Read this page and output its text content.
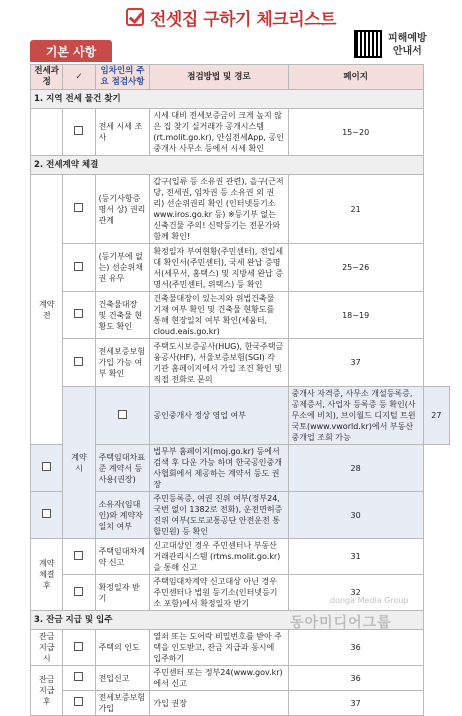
전셋집 구하기 체크리스트
기본 사항
피해예방
안내서
전세과정	✓	임차인의 주요 점검사항	점검방법 및 경로	페이지	
1. 지역 전세 물건 찾기					
		전세 시세 조사	시세 대비 전세보증금이 크게 높지 않은 집 찾기 실거래가 공개시스템(rt.molit.go.kr), 안심전세App, 공인중개사 사무소 등에서 시세 확인	15~20	
2. 전세계약 체결					
계약 전		(등기사항증명서 상) 권리관계	갑구(입류 등 소유권 관련), 을구(근저당, 전세권, 임차권 등 소유권 외 권리) 선순위권리 확인 (인터넷등기소 www.iros.go.kr 등) ※등기부 없는 신축건물 주의! 신탁등기는 전문가와 함께 확인!	21	
		(등기부에 없는) 선순위채권 유무	확정일자 부여현황(주민센터), 전입세대 확인서(주민센터), 국세 완납 증명서(세무서, 홈택스) 및 지방세 완납 증명서(주민센터, 위택스) 등 확인	25~26	
		건축물대장 및 건축물 현황도 확인	건축물대장이 있는지와 위법건축물 기재 여부 확인 및 건축물 현황도를 통해 현장일치 여부 확인(세움터, cloud.eais.go.kr)	18~19	
		전세보증보험 가입 가능 여부 확인	주택도시보증공사(HUG), 한국주택금융공사(HF), 서울보증보험(SGI) 각 기관 홈페이지에서 가입 조건 확인 및 직접 전화로 문의	37	
	계약 시		공인중개사 정상 영업 여부	중개사 자격증, 사무소 개설등록증, 공제증서, 사업자 등록증 등 확인(사무소에 비치), 브이월드 디지털 트윈 국토(www.vworld.kr)에서 부동산중개업 조회 가능	27
		주택임대차표준 계약서 등 사용(권장)	법무부 홈페이지(moj.go.kr) 등에서 검색 후 다운 가능 하며 한국공인중개사협회에서 제공하는 계약서 등도 권장	28	
		소유자(임대인)와 계약자 일치 여부	주민등록증, 여권 진위 여부(정부24, 국번 없이 1382로 전화), 운전면허증 진위 여부(도로교통공단 안전운전 통합민원) 등 확인	30	

계약
체결 후		주택임대차계약 신고	신고대상인 경우 주민센터나 부동산거래관리시스템 (rtms.molit.go.kr)을 통해 신고	31	
		확정일자 받기	주택임대차계약 신고대상 아닌 경우 주민센터나 법원 등기소(인터넷등기소 포함)에서 확정일자 받기	32	
3. 잔금 지급 및 입주					

잔금
지급 시		주택의 인도	열쇠 또는 도어락 비밀번호를 받아 주택을 인도받고, 잔금 지급과 동시에 입주하기	36	

잔금
지급 후		전입신고	주민센터 또는 정부24(www.gov.kr)에서 신고	36	
		전세보증보험 가입	가입 권장	37	
donga Media Group
동아미디어그룹
